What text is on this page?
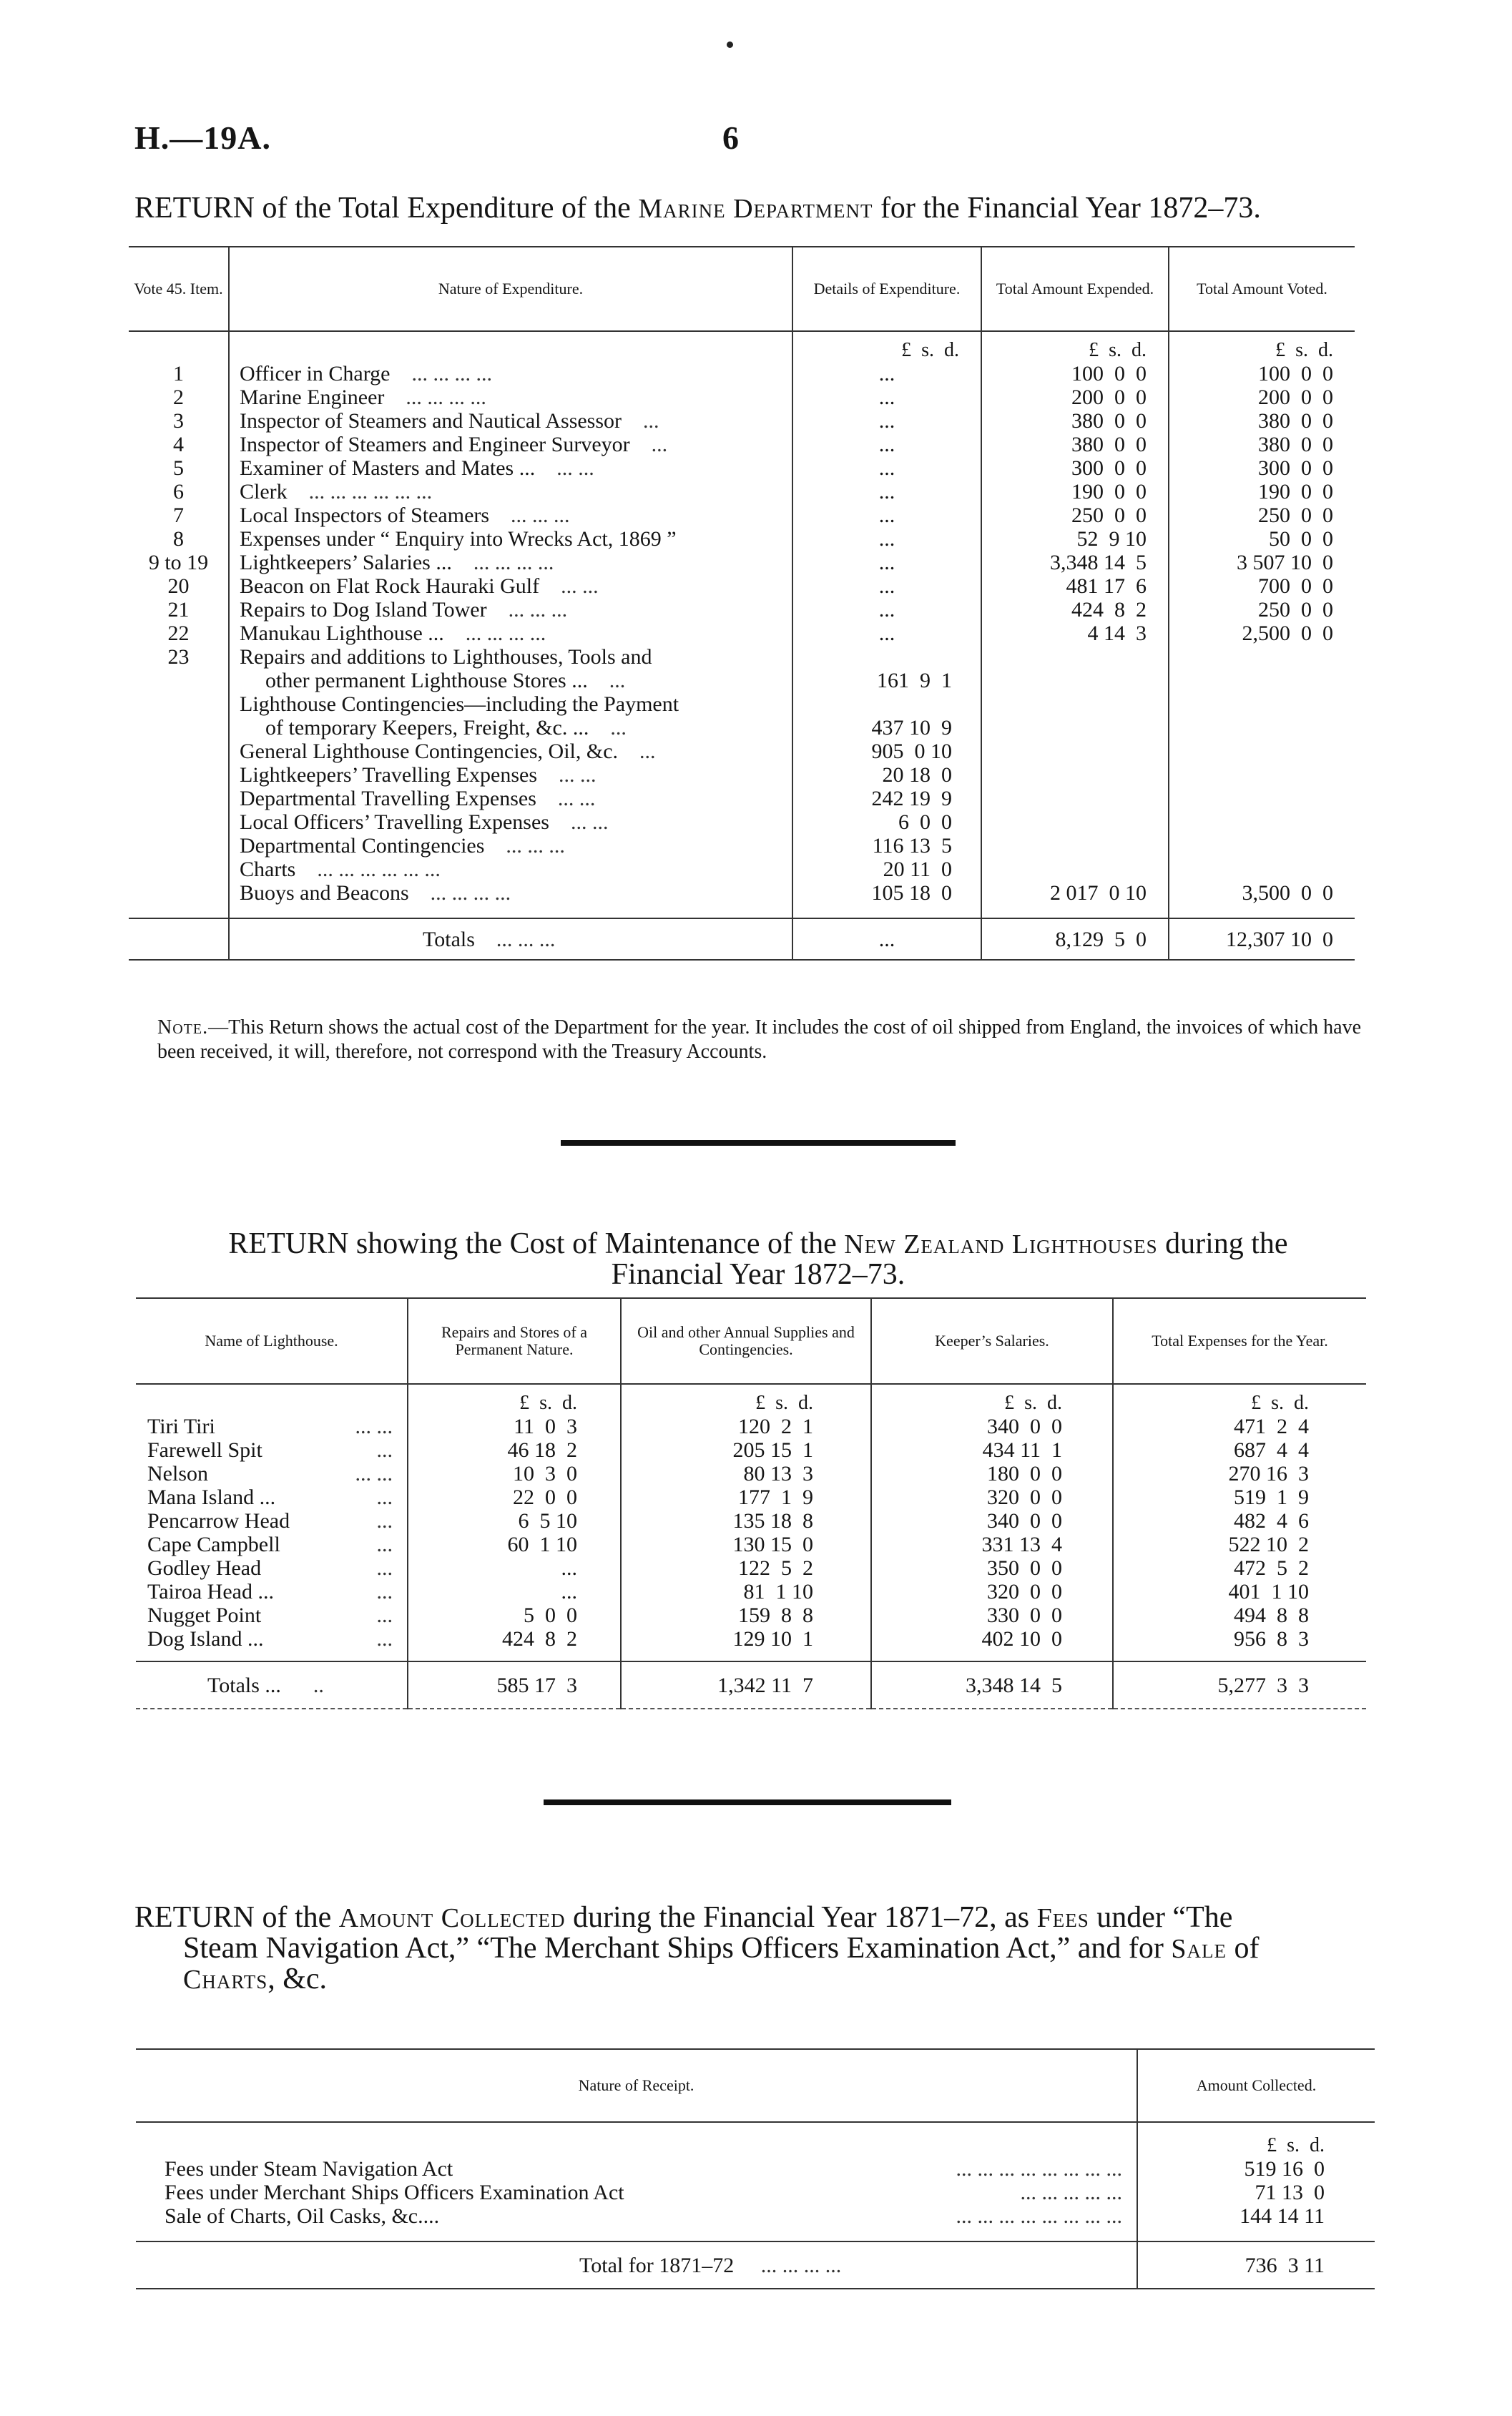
H.—19A.	6
RETURN of the Total Expenditure of the Marine Department for the Financial Year 1872–73.
Vote 45. Item.	Nature of Expenditure.	Details of Expenditure.	Total Amount Expended.	Total Amount Voted.
		£  s.  d.	£  s.  d.	£  s.  d.
1	Officer in Charge ... ... ... ...	...	100  0  0	100  0  0
2	Marine Engineer ... ... ... ...	...	200  0  0	200  0  0
3	Inspector of Steamers and Nautical Assessor ...	...	380  0  0	380  0  0
4	Inspector of Steamers and Engineer Surveyor ...	...	380  0  0	380  0  0
5	Examiner of Masters and Mates ... ... ...	...	300  0  0	300  0  0
6	Clerk ... ... ... ... ... ...	...	190  0  0	190  0  0
7	Local Inspectors of Steamers ... ... ...	...	250  0  0	250  0  0
8	Expenses under “ Enquiry into Wrecks Act, 1869 ”	...	52  9 10	50  0  0
9 to 19	Lightkeepers’ Salaries ... ... ... ... ...	...	3,348 14  5	3 507 10  0
20	Beacon on Flat Rock Hauraki Gulf ... ...	...	481 17  6	700  0  0
21	Repairs to Dog Island Tower ... ... ...	...	424  8  2	250  0  0
22	Manukau Lighthouse ... ... ... ... ...	...	4 14  3	2,500  0  0
23	Repairs and additions to Lighthouses, Tools and			
	other permanent Lighthouse Stores ... ...	161  9  1		
	Lighthouse Contingencies—including the Payment			
	of temporary Keepers, Freight, &c. ... ...	437 10  9		
	General Lighthouse Contingencies, Oil, &c. ...	905  0 10		
	Lightkeepers’ Travelling Expenses ... ...	20 18  0		
	Departmental Travelling Expenses ... ...	242 19  9		
	Local Officers’ Travelling Expenses ... ...	6  0  0		
	Departmental Contingencies ... ... ...	116 13  5		
	Charts ... ... ... ... ... ...	20 11  0		
	Buoys and Beacons ... ... ... ...	105 18  0	2 017  0 10	3,500  0  0
	Totals ... ... ...	...	8,129  5  0	12,307 10  0
Note.—This Return shows the actual cost of the Department for the year. It includes the cost of oil shipped from England, the invoices of which have been received, it will, therefore, not correspond with the Treasury Accounts.
RETURN showing the Cost of Maintenance of the New Zealand Lighthouses during the
Financial Year 1872–73.
Name of Lighthouse.	Repairs and Stores of a Permanent Nature.	Oil and other Annual Supplies and Contingencies.	Keeper’s Salaries.	Total Expenses for the Year.
	£  s.  d.	£  s.  d.	£  s.  d.	£  s.  d.
Tiri Tiri ... ...	11  0  3	120  2  1	340  0  0	471  2  4
Farewell Spit ...	46 18  2	205 15  1	434 11  1	687  4  4
Nelson ... ...	10  3  0	80 13  3	180  0  0	270 16  3
Mana Island ... ...	22  0  0	177  1  9	320  0  0	519  1  9
Pencarrow Head ...	6  5 10	135 18  8	340  0  0	482  4  6
Cape Campbell ...	60  1 10	130 15  0	331 13  4	522 10  2
Godley Head ...	...	122  5  2	350  0  0	472  5  2
Tairoa Head ... ...	...	81  1 10	320  0  0	401  1 10
Nugget Point ...	5  0  0	159  8  8	330  0  0	494  8  8
Dog Island ... ...	424  8  2	129 10  1	402 10  0	956  8  3
Totals ... ..	585 17  3	1,342 11  7	3,348 14  5	5,277  3  3
RETURN of the Amount Collected during the Financial Year 1871–72, as Fees under “The
Steam Navigation Act,” “The Merchant Ships Officers Examination Act,” and for Sale of
Charts, &c.
Nature of Receipt.	Amount Collected.
	£  s.  d.
Fees under Steam Navigation Act ... ... ... ... ... ... ... ...	519 16  0
Fees under Merchant Ships Officers Examination Act ... ... ... ... ...	71 13  0
Sale of Charts, Oil Casks, &c.... ... ... ... ... ... ... ... ...	144 14 11
Total for 1871–72 ... ... ... ...	736  3 11
